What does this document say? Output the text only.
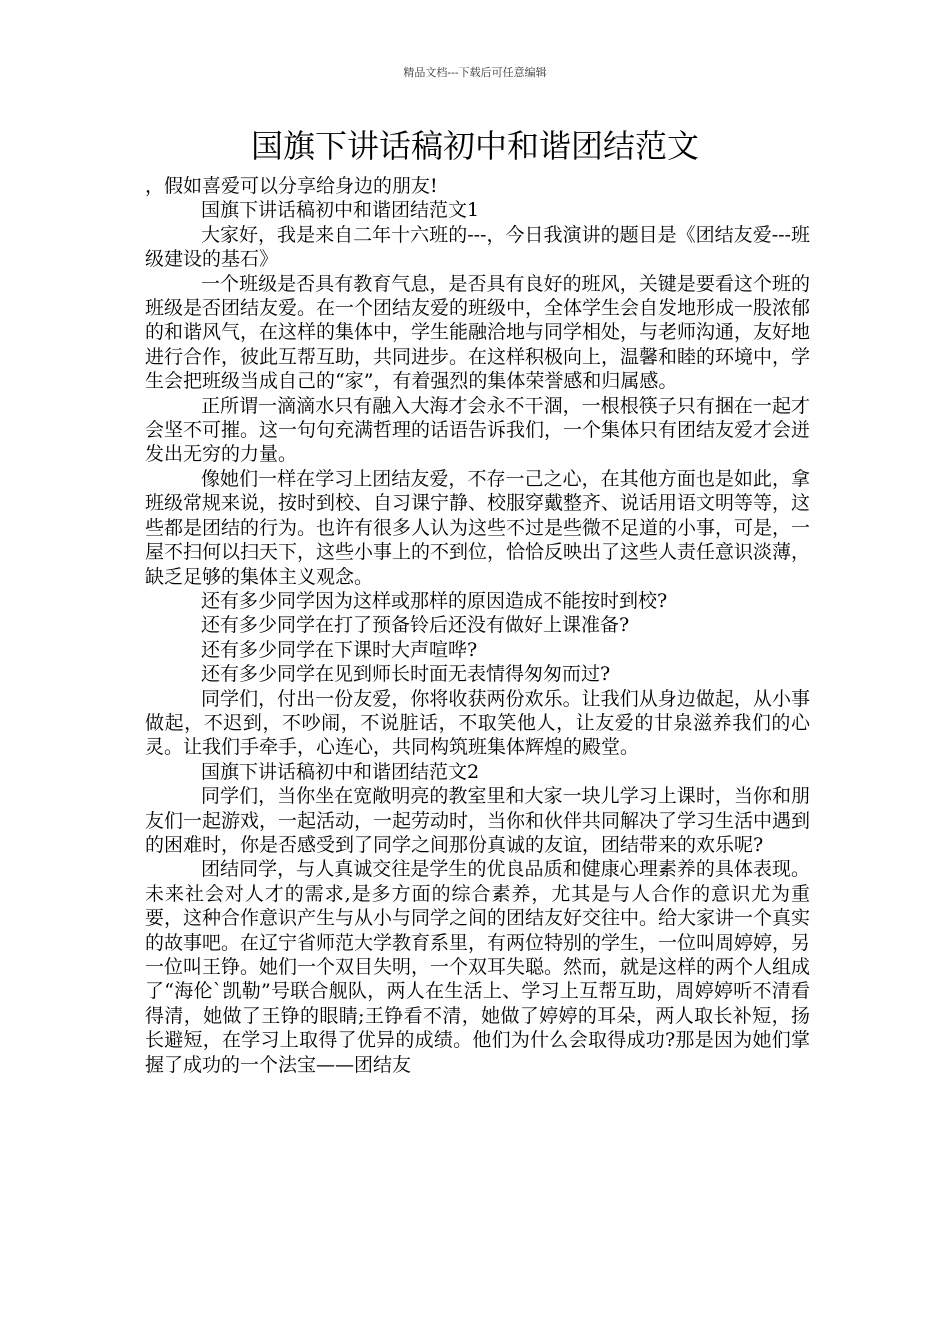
精品文档---下载后可任意编辑
国旗下讲话稿初中和谐团结范文

，假如喜爱可以分享给身边的朋友!

国旗下讲话稿初中和谐团结范文1

大家好，我是来自二年十六班的---，今日我演讲的题目是《团结友爱---班级建设的基石》

一个班级是否具有教育气息，是否具有良好的班风，关键是要看这个班的班级是否团结友爱。在一个团结友爱的班级中，全体学生会自发地形成一股浓郁的和谐风气，在这样的集体中，学生能融洽地与同学相处，与老师沟通，友好地进行合作，彼此互帮互助，共同进步。在这样积极向上，温馨和睦的环境中，学生会把班级当成自己的“家”，有着强烈的集体荣誉感和归属感。

正所谓一滴滴水只有融入大海才会永不干涸，一根根筷子只有捆在一起才会坚不可摧。这一句句充满哲理的话语告诉我们，一个集体只有团结友爱才会迸发出无穷的力量。

像她们一样在学习上团结友爱，不存一己之心，在其他方面也是如此，拿班级常规来说，按时到校、自习课宁静、校服穿戴整齐、说话用语文明等等，这些都是团结的行为。也许有很多人认为这些不过是些微不足道的小事，可是，一屋不扫何以扫天下，这些小事上的不到位，恰恰反映出了这些人责任意识淡薄，缺乏足够的集体主义观念。

还有多少同学因为这样或那样的原因造成不能按时到校?

还有多少同学在打了预备铃后还没有做好上课准备?

还有多少同学在下课时大声喧哗?

还有多少同学在见到师长时面无表情得匆匆而过?

同学们，付出一份友爱，你将收获两份欢乐。让我们从身边做起，从小事做起，不迟到，不吵闹，不说脏话，不取笑他人，让友爱的甘泉滋养我们的心灵。让我们手牵手，心连心，共同构筑班集体辉煌的殿堂。

国旗下讲话稿初中和谐团结范文2

同学们，当你坐在宽敞明亮的教室里和大家一块儿学习上课时，当你和朋友们一起游戏，一起活动，一起劳动时，当你和伙伴共同解决了学习生活中遇到的困难时，你是否感受到了同学之间那份真诚的友谊，团结带来的欢乐呢?

团结同学，与人真诚交往是学生的优良品质和健康心理素养的具体表现。未来社会对人才的需求,是多方面的综合素养，尤其是与人合作的意识尤为重要，这种合作意识产生与从小与同学之间的团结友好交往中。给大家讲一个真实的故事吧。在辽宁省师范大学教育系里，有两位特别的学生，一位叫周婷婷，另一位叫王铮。她们一个双目失明，一个双耳失聪。然而，就是这样的两个人组成了“海伦`凯勒”号联合舰队，两人在生活上、学习上互帮互助，周婷婷听不清看得清，她做了王铮的眼睛;王铮看不清，她做了婷婷的耳朵，两人取长补短，扬长避短，在学习上取得了优异的成绩。他们为什么会取得成功?那是因为她们掌握了成功的一个法宝——团结友
